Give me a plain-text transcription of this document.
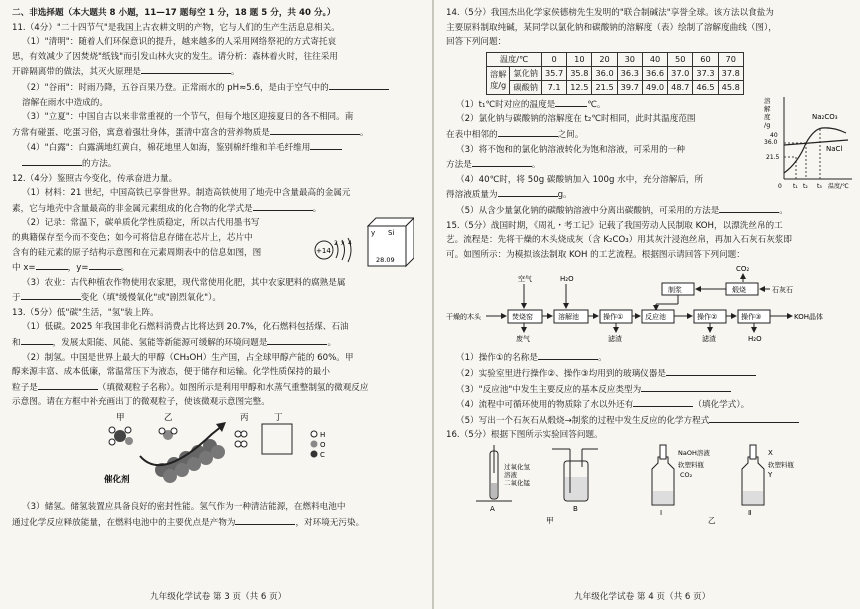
二、非选择题（本大题共 8 小题，11—17 题每空 1 分，18 题 5 分，共 40 分。）
11.（4分）"二十四节气"是我国上古农耕文明的产物，它与人们的生产生活息息相关。
（1）"清明"：随着人们环保意识的提升，越来越多的人采用网络祭祀的方式寄托哀
思，有效减少了因焚烧"纸钱"而引发山林火灾的发生。请分析：森林着火时，往往采用
开辟隔离带的做法，其灭火原理是	。
（2）"谷雨"：时雨乃降，五谷百果乃登。正常雨水的 pH≈5.6，是由于空气中的
溶解在雨水中造成的。
（3）"立夏"：中国自古以来非常重视的一个节气，但每个地区迎接夏日的各不相同。南
方常有碰蛋、吃蛋习俗，寓意着强壮身体，蛋清中富含的营养物质是	。
（4）"白露"：白露满地红黄白，棉花地里人如海，鉴别棉纤维和羊毛纤维用
的方法。
12.（4分）鉴照古今变化，传承奋进力量。
（1）材料：21 世纪，中国高铁已享誉世界。制造高铁使用了地壳中含量最高的金属元
素，它与地壳中含量最高的非金属元素组成的化合物的化学式是	。
（2）记录：常温下，碳单质化学性质稳定，所以古代用墨书写
的典籍保存至今而不变色；如今可将信息存储在芯片上，芯片中
含有的硅元素的原子结构示意图和在元素周期表中的信息如图，图
中 x=	，y=	。
+14
2 x 4
y Si
28.09
（3）农业：古代种植农作物使用农家肥，现代常使用化肥，其中农家肥料的腐熟是属
于	变化（填"缓慢氧化"或"剧烈氧化"）。
13.（5分）低"碳"生活，"氢"装上阵。
（1）低碳。2025 年我国非化石燃料消费占比将达到 20.7%，化石燃料包括煤、石油
和	，发展太阳能、风能、氢能等新能源可缓解的环境问题是	。
（2）制氢。中国是世界上最大的甲醇（CH₃OH）生产国，占全球甲醇产能的 60%。甲
醇来源丰富、成本低廉，常温常压下为液态，便于储存和运输。化学性质保持的最小
粒子是	（填微观粒子名称）。如图所示是利用甲醇和水蒸气重整制氢的微观反应
示意图。请在方框中补充画出丁的微观粒子，使该微观示意图完整。
甲	乙	丙	丁
催化剂
H
O
C
（3）储氢。储氢装置应具备良好的密封性能。氢气作为一种清洁能源，在燃料电池中
通过化学反应释放能量，在燃料电池中的主要优点是产物为	，对环境无污染。
九年级化学试卷 第 3 页（共 6 页）
14.（5分）我国杰出化学家侯德榜先生发明的"联合制碱法"享誉全球。该方法以食盐为
主要原料制取纯碱，某同学以氯化钠和碳酸钠的溶解度（表）绘制了溶解度曲线（图），
回答下列问题：
温度/℃		0	10	20	30	40	50	60	70
溶解
度/g	氯化钠	35.7	35.8	36.0	36.3	36.6	37.0	37.3	37.8
	碳酸钠	7.1	12.5	21.5	39.7	49.0	48.7	46.5	45.8
（1）t₁℃时对应的温度是	℃。
（2）氯化钠与碳酸钠的溶解度在 t₂℃时相同，此时其温度范围
在表中相邻的	之间。
（3）将不饱和的氯化钠溶液转化为饱和溶液，可采用的一种
方法是	。
（4）40℃时，将 50g 碳酸钠加入 100g 水中，充分溶解后，所
得溶液质量为	g。
溶
解
度
/g
40
36.0
21.5
Na₂CO₃
NaCl
0 t₁ t₂ t₃ 温度/℃
（5）从含少量氯化钠的碳酸钠溶液中分离出碳酸钠，可采用的方法是	。
15.（5分）战国时期，《周礼・考工记》记载了我国劳动人民制取 KOH，以漂洗丝帛的工
艺。流程是：先将干燥的木头烧成灰（含 K₂CO₃）用其灰汁浸泡丝帛，再加入石灰石灰浆即
可。如图所示：为模拟该法制取 KOH 的工艺流程。根据图示请回答下列问题：
CO₂
空气	H₂O
制浆	煅烧	石灰石
干燥的木头	焚烧窑	溶解池	操作①	反应池	操作②	操作③	KOH晶体
废气	滤渣	滤渣	H₂O
（1）操作①的名称是	。
（2）实验室里进行操作②、操作③均用到的玻璃仪器是
（3）"反应池"中发生主要反应的基本反应类型为
（4）流程中可循环使用的物质除了水以外还有	（填化学式）。
（5）写出一个石灰石从煅烧→制浆的过程中发生反应的化学方程式
16.（5分）根据下图所示实验回答问题。
过氧化氢
溶液
二氧化锰
A	B
甲
NaOH溶液
CO₂
软塑料瓶
Ⅰ
X
Y
软塑料瓶
Ⅱ
乙
九年级化学试卷 第 4 页（共 6 页）
